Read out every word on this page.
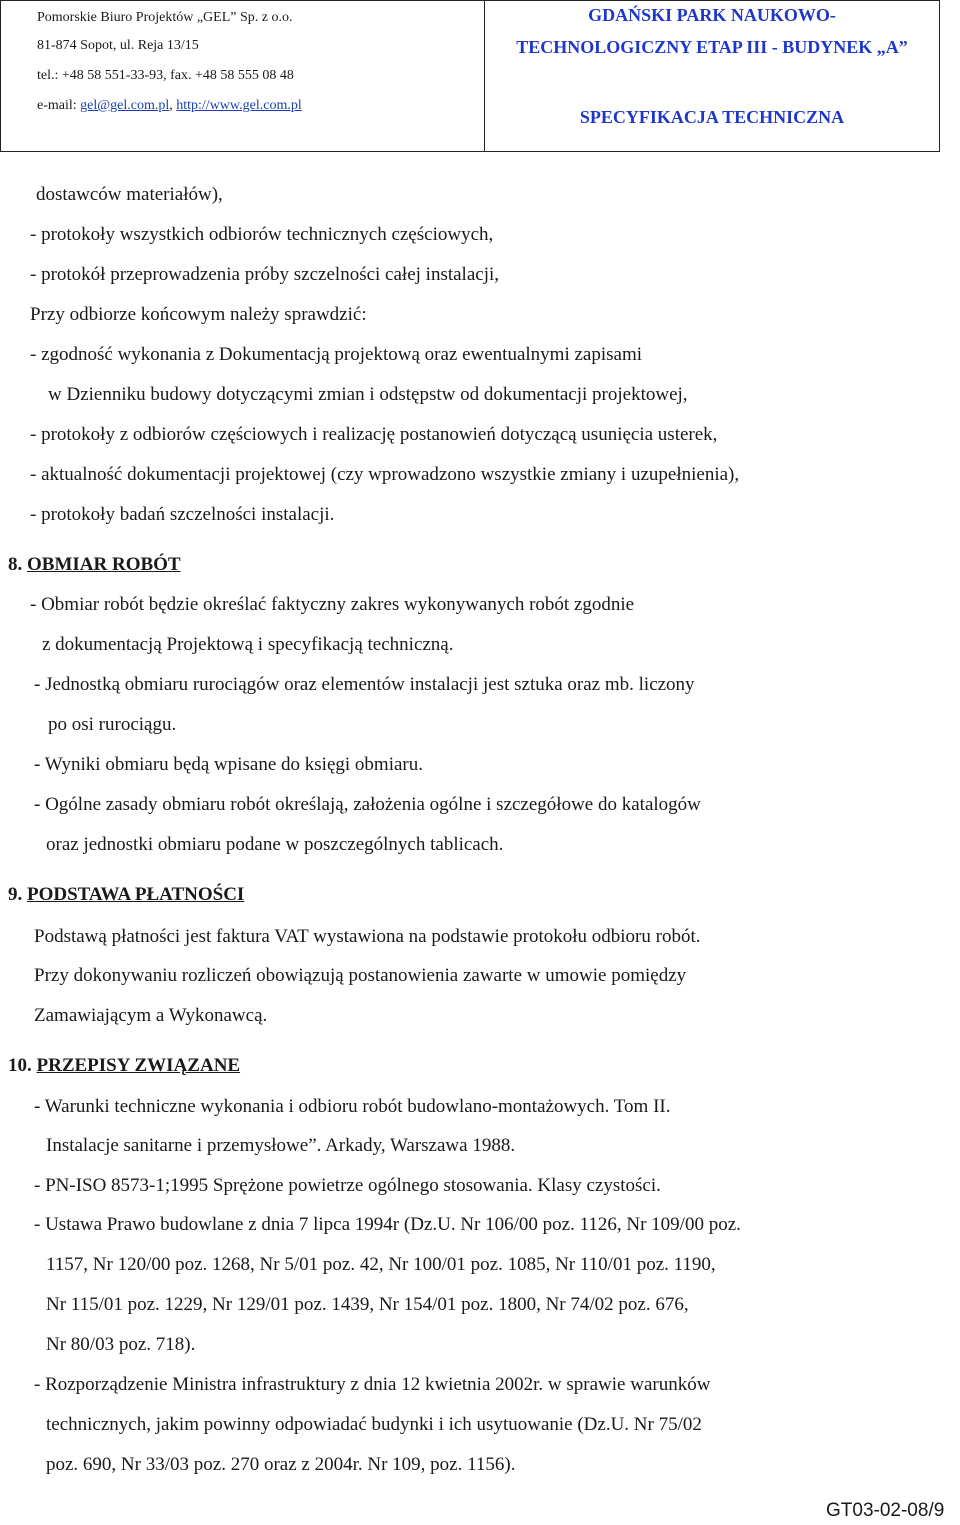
Pomorskie Biuro Projektów „GEL” Sp. z o.o.
81-874 Sopot, ul. Reja 13/15
tel.: +48 58 551-33-93, fax. +48 58 555 08 48
e-mail: gel@gel.com.pl, http://www.gel.com.pl
GDAŃSKI PARK NAUKOWO-
TECHNOLOGICZNY ETAP III - BUDYNEK „A”
SPECYFIKACJA TECHNICZNA
dostawców materiałów),
- protokoły wszystkich odbiorów technicznych częściowych,
- protokół przeprowadzenia próby szczelności całej instalacji,
Przy odbiorze końcowym należy sprawdzić:
- zgodność wykonania z Dokumentacją projektową oraz ewentualnymi zapisami
w Dzienniku budowy dotyczącymi zmian i odstępstw od dokumentacji projektowej,
- protokoły z odbiorów częściowych i realizację postanowień dotyczącą usunięcia usterek,
- aktualność dokumentacji projektowej (czy wprowadzono wszystkie zmiany i uzupełnienia),
- protokoły badań szczelności instalacji.
8. OBMIAR ROBÓT
- Obmiar robót będzie określać faktyczny zakres wykonywanych robót zgodnie
z dokumentacją Projektową i specyfikacją techniczną.
- Jednostką obmiaru rurociągów oraz elementów instalacji jest sztuka oraz mb. liczony
po osi rurociągu.
- Wyniki obmiaru będą wpisane do księgi obmiaru.
- Ogólne zasady obmiaru robót określają, założenia ogólne i szczegółowe do katalogów
oraz jednostki obmiaru podane w poszczególnych tablicach.
9. PODSTAWA PŁATNOŚCI
Podstawą płatności jest faktura VAT wystawiona na podstawie protokołu odbioru robót.
Przy dokonywaniu rozliczeń obowiązują postanowienia zawarte w umowie pomiędzy
Zamawiającym a Wykonawcą.
10. PRZEPISY ZWIĄZANE
- Warunki techniczne wykonania i odbioru robót budowlano-montażowych. Tom II.
Instalacje sanitarne i przemysłowe”. Arkady, Warszawa 1988.
- PN-ISO 8573-1;1995 Sprężone powietrze ogólnego stosowania. Klasy czystości.
- Ustawa Prawo budowlane z dnia 7 lipca 1994r (Dz.U. Nr 106/00 poz. 1126, Nr 109/00 poz.
1157, Nr 120/00 poz. 1268, Nr 5/01 poz. 42, Nr 100/01 poz. 1085, Nr 110/01 poz. 1190,
Nr 115/01 poz. 1229, Nr 129/01 poz. 1439, Nr 154/01 poz. 1800, Nr 74/02 poz. 676,
Nr 80/03 poz. 718).
- Rozporządzenie Ministra infrastruktury z dnia 12 kwietnia 2002r. w sprawie warunków
technicznych, jakim powinny odpowiadać budynki i ich usytuowanie (Dz.U. Nr 75/02
poz. 690, Nr 33/03 poz. 270 oraz z 2004r. Nr 109, poz. 1156).
GT03-02-08/9
